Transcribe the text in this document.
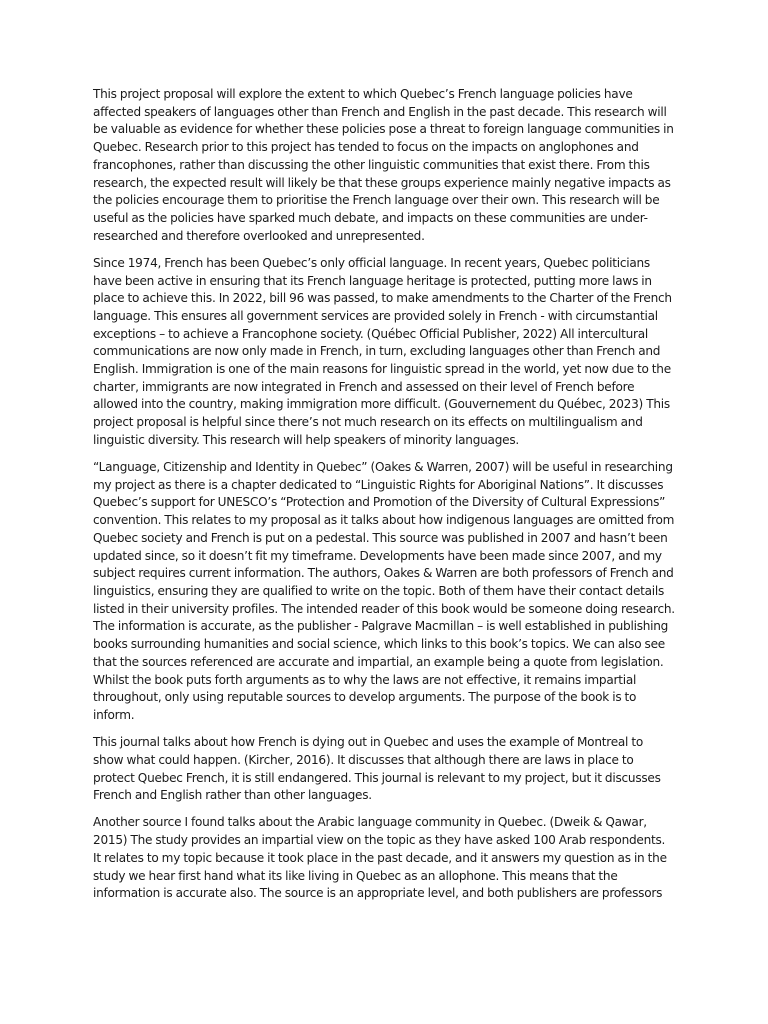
This project proposal will explore the extent to which Quebec’s French language policies have affected speakers of languages other than French and English in the past decade. This research will be valuable as evidence for whether these policies pose a threat to foreign language communities in Quebec. Research prior to this project has tended to focus on the impacts on anglophones and francophones, rather than discussing the other linguistic communities that exist there. From this research, the expected result will likely be that these groups experience mainly negative impacts as the policies encourage them to prioritise the French language over their own. This research will be useful as the policies have sparked much debate, and impacts on these communities are under-researched and therefore overlooked and unrepresented.

Since 1974, French has been Quebec’s only official language. In recent years, Quebec politicians have been active in ensuring that its French language heritage is protected, putting more laws in place to achieve this. In 2022, bill 96 was passed, to make amendments to the Charter of the French language. This ensures all government services are provided solely in French - with circumstantial exceptions – to achieve a Francophone society. (Québec Official Publisher, 2022) All intercultural communications are now only made in French, in turn, excluding languages other than French and English. Immigration is one of the main reasons for linguistic spread in the world, yet now due to the charter, immigrants are now integrated in French and assessed on their level of French before allowed into the country, making immigration more difficult. (Gouvernement du Québec, 2023) This project proposal is helpful since there’s not much research on its effects on multilingualism and linguistic diversity. This research will help speakers of minority languages.

“Language, Citizenship and Identity in Quebec” (Oakes & Warren, 2007) will be useful in researching my project as there is a chapter dedicated to “Linguistic Rights for Aboriginal Nations”. It discusses Quebec’s support for UNESCO’s “Protection and Promotion of the Diversity of Cultural Expressions” convention. This relates to my proposal as it talks about how indigenous languages are omitted from Quebec society and French is put on a pedestal. This source was published in 2007 and hasn’t been updated since, so it doesn’t fit my timeframe. Developments have been made since 2007, and my subject requires current information. The authors, Oakes & Warren are both professors of French and linguistics, ensuring they are qualified to write on the topic. Both of them have their contact details listed in their university profiles. The intended reader of this book would be someone doing research. The information is accurate, as the publisher - Palgrave Macmillan – is well established in publishing books surrounding humanities and social science, which links to this book’s topics. We can also see that the sources referenced are accurate and impartial, an example being a quote from legislation. Whilst the book puts forth arguments as to why the laws are not effective, it remains impartial throughout, only using reputable sources to develop arguments. The purpose of the book is to inform.

This journal talks about how French is dying out in Quebec and uses the example of Montreal to show what could happen. (Kircher, 2016). It discusses that although there are laws in place to protect Quebec French, it is still endangered. This journal is relevant to my project, but it discusses French and English rather than other languages.

Another source I found talks about the Arabic language community in Quebec. (Dweik & Qawar, 2015) The study provides an impartial view on the topic as they have asked 100 Arab respondents. It relates to my topic because it took place in the past decade, and it answers my question as in the study we hear first hand what its like living in Quebec as an allophone. This means that the information is accurate also. The source is an appropriate level, and both publishers are professors
